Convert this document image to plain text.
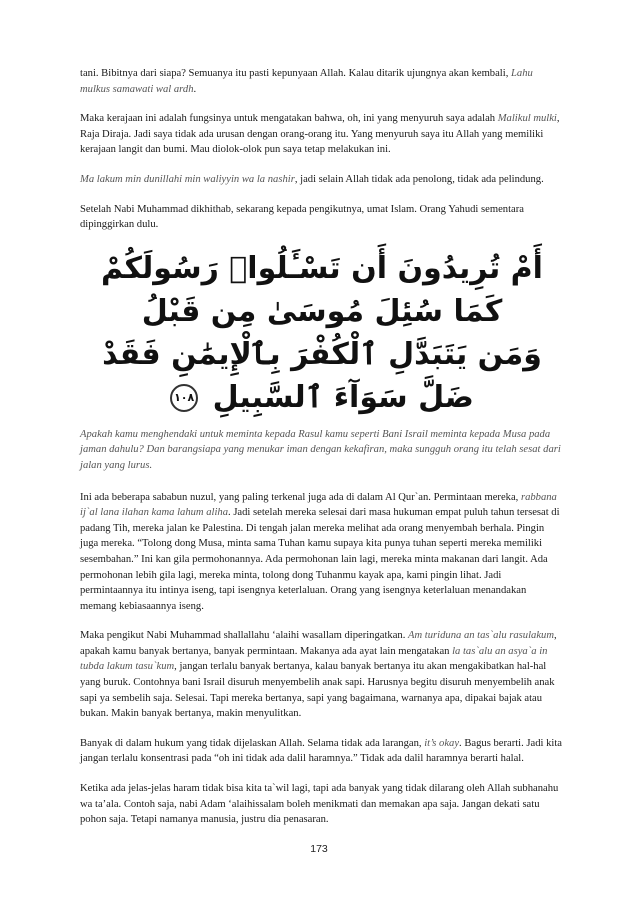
tani. Bibitnya dari siapa? Semuanya itu pasti kepunyaan Allah. Kalau ditarik ujungnya akan kembali, Lahu mulkus samawati wal ardh.

Maka kerajaan ini adalah fungsinya untuk mengatakan bahwa, oh, ini yang menyuruh saya adalah Malikul mulki, Raja Diraja. Jadi saya tidak ada urusan dengan orang-orang itu. Yang menyuruh saya itu Allah yang memiliki kerajaan langit dan bumi. Mau diolok-olok pun saya tetap melakukan ini.

Ma lakum min dunillahi min waliyyin wa la nashir, jadi selain Allah tidak ada penolong, tidak ada pelindung.

Setelah Nabi Muhammad dikhithab, sekarang kepada pengikutnya, umat Islam. Orang Yahudi sementara dipinggirkan dulu.

أَمْ تُرِيدُونَ أَن تَسْـَٔلُوا۟ رَسُولَكُمْ كَمَا سُئِلَ مُوسَىٰ مِن قَبْلُ
وَمَن يَتَبَدَّلِ ٱلْكُفْرَ بِٱلْإِيمَٰنِ فَقَدْ ضَلَّ سَوَآءَ ٱلسَّبِيلِ ١٠٨

Apakah kamu menghendaki untuk meminta kepada Rasul kamu seperti Bani Israil meminta kepada Musa pada jaman dahulu? Dan barangsiapa yang menukar iman dengan kekafiran, maka sungguh orang itu telah sesat dari jalan yang lurus.

Ini ada beberapa sababun nuzul, yang paling terkenal juga ada di dalam Al Qur`an. Permintaan mereka, rabbana ij`al lana ilahan kama lahum aliha. Jadi setelah mereka selesai dari masa hukuman empat puluh tahun tersesat di padang Tih, mereka jalan ke Palestina. Di tengah jalan mereka melihat ada orang menyembah berhala. Pingin juga mereka. “Tolong dong Musa, minta sama Tuhan kamu supaya kita punya tuhan seperti mereka memiliki sesembahan.” Ini kan gila permohonannya. Ada permohonan lain lagi, mereka minta makanan dari langit. Ada permohonan lebih gila lagi, mereka minta, tolong dong Tuhanmu kayak apa, kami pingin lihat. Jadi permintaannya itu intinya iseng, tapi isengnya keterlaluan. Orang yang isengnya keterlaluan menandakan memang kebiasaannya iseng.

Maka pengikut Nabi Muhammad shallallahu ‘alaihi wasallam diperingatkan. Am turiduna an tas`alu rasulakum, apakah kamu banyak bertanya, banyak permintaan. Makanya ada ayat lain mengatakan la tas`alu an asya`a in tubda lakum tasu`kum, jangan terlalu banyak bertanya, kalau banyak bertanya itu akan mengakibatkan hal-hal yang buruk. Contohnya bani Israil disuruh menyembelih anak sapi. Harusnya begitu disuruh menyembelih anak sapi ya sembelih saja. Selesai. Tapi mereka bertanya, sapi yang bagaimana, warnanya apa, dipakai bajak atau bukan. Makin banyak bertanya, makin menyulitkan.

Banyak di dalam hukum yang tidak dijelaskan Allah. Selama tidak ada larangan, it’s okay. Bagus berarti. Jadi kita jangan terlalu konsentrasi pada “oh ini tidak ada dalil haramnya.” Tidak ada dalil haramnya berarti halal.

Ketika ada jelas-jelas haram tidak bisa kita ta`wil lagi, tapi ada banyak yang tidak dilarang oleh Allah subhanahu wa ta’ala. Contoh saja, nabi Adam ‘alaihissalam boleh menikmati dan memakan apa saja. Jangan dekati satu pohon saja. Tetapi namanya manusia, justru dia penasaran.

173
